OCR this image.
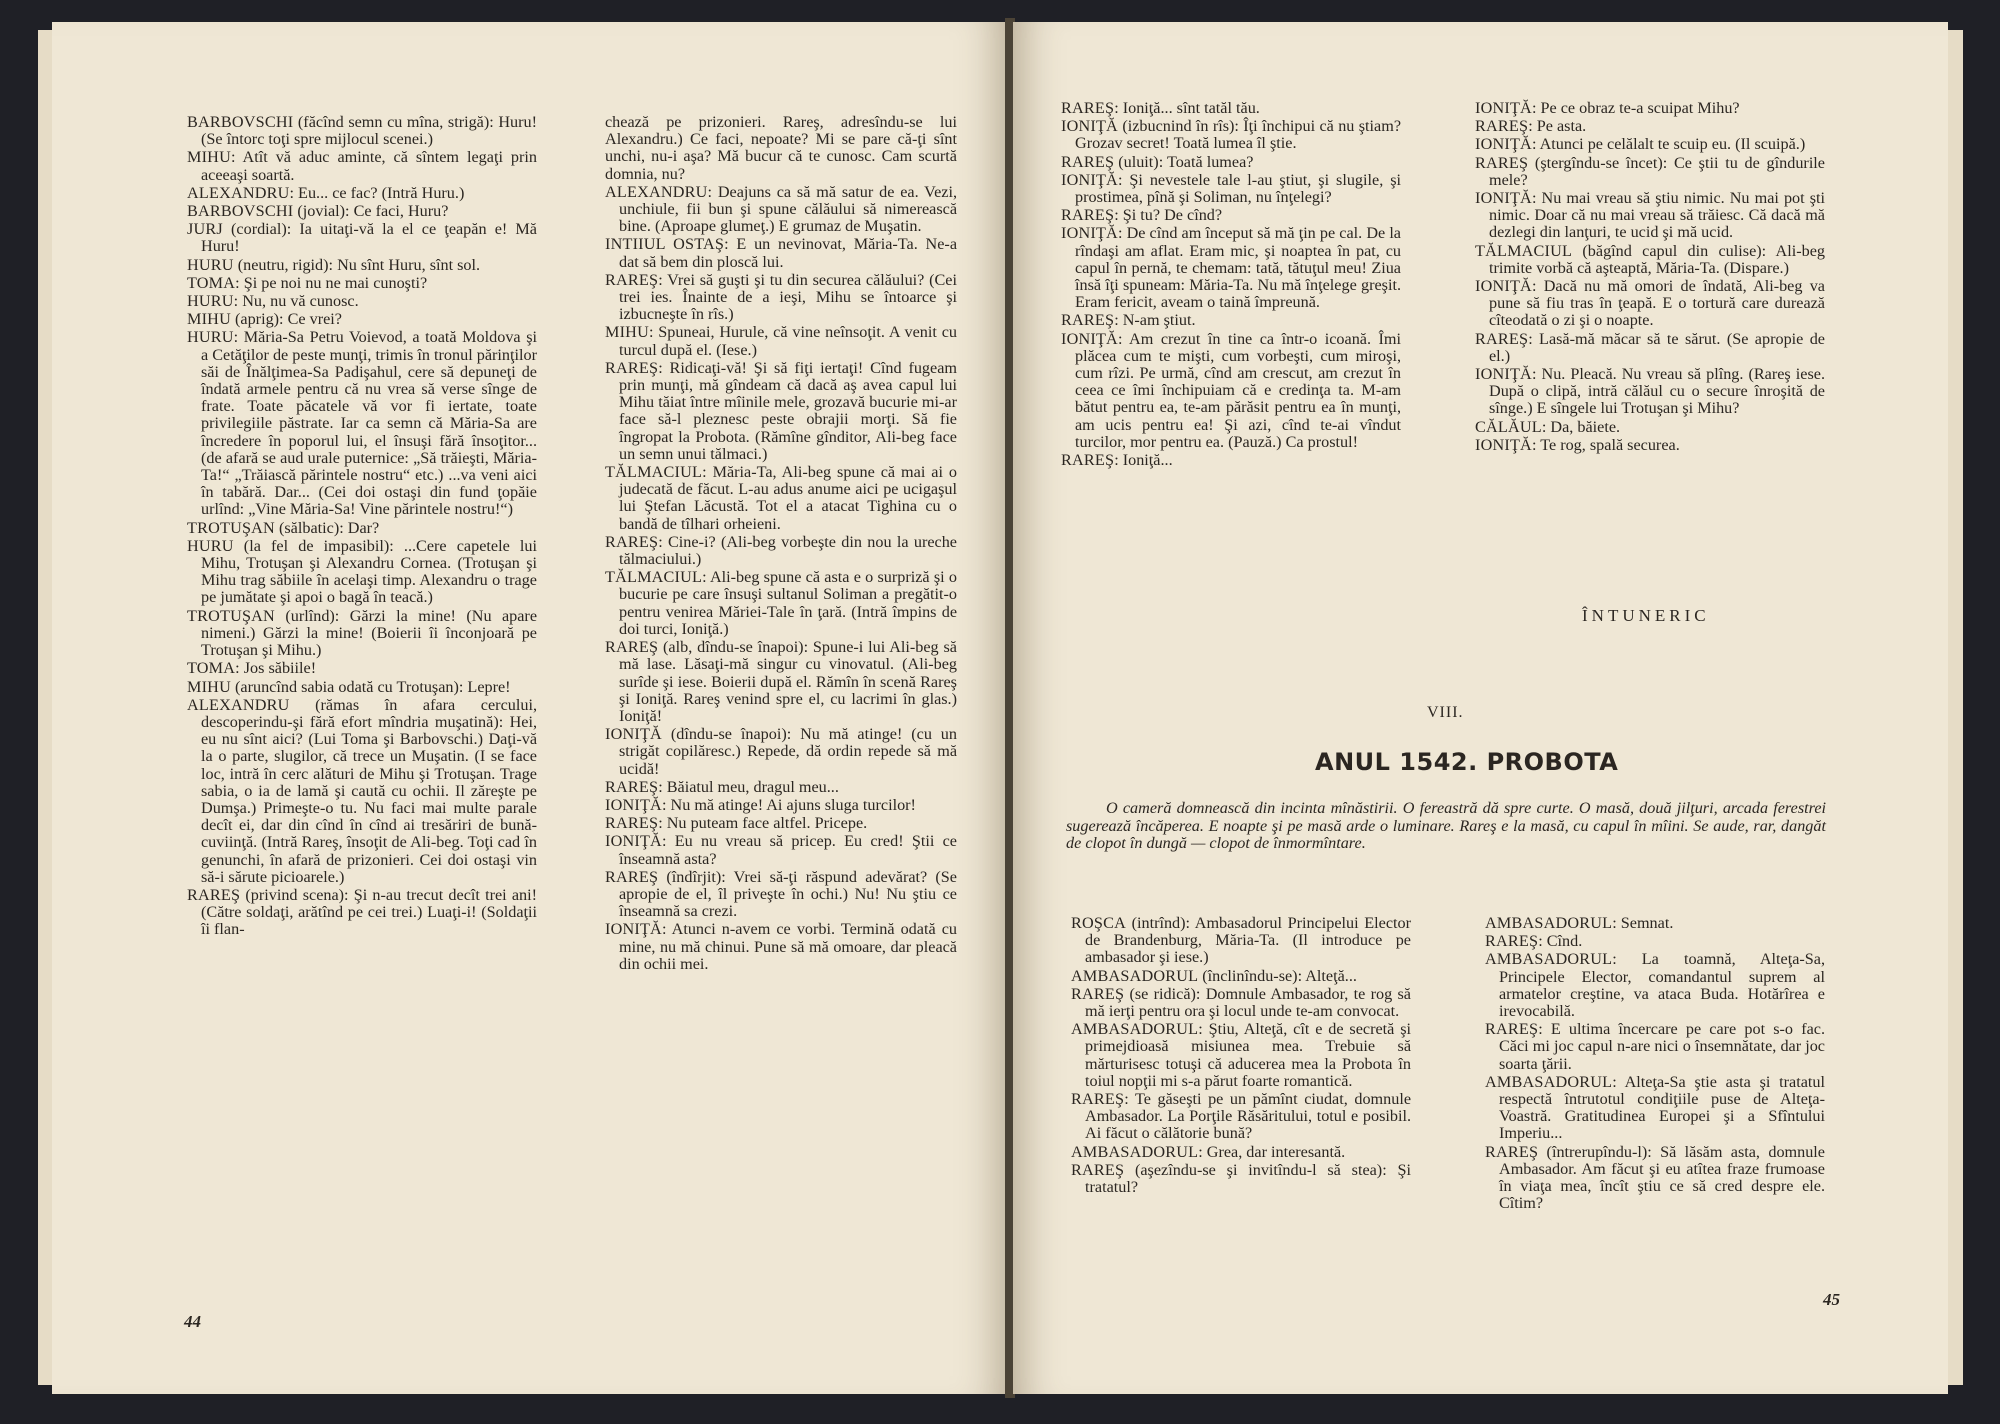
BARBOVSCHI (făcînd semn cu mîna, strigă): Huru! (Se întorc toţi spre mijlocul scenei.)

MIHU: Atît vă aduc aminte, că sîntem legaţi prin aceeaşi soartă.

ALEXANDRU: Eu... ce fac? (Intră Huru.)

BARBOVSCHI (jovial): Ce faci, Huru?

JURJ (cordial): Ia uitaţi-vă la el ce ţeapăn e! Mă Huru!

HURU (neutru, rigid): Nu sînt Huru, sînt sol.

TOMA: Şi pe noi nu ne mai cunoşti?

HURU: Nu, nu vă cunosc.

MIHU (aprig): Ce vrei?

HURU: Măria-Sa Petru Voievod, a toată Moldova şi a Cetăţilor de peste munţi, trimis în tronul părinţilor săi de Înălţimea-Sa Padişahul, cere să depuneţi de îndată armele pentru că nu vrea să verse sînge de frate. Toate păcatele vă vor fi iertate, toate privilegiile păstrate. Iar ca semn că Măria-Sa are încredere în poporul lui, el însuşi fără însoţitor... (de afară se aud urale puternice: „Să trăieşti, Măria-Ta!“ „Trăiască părintele nostru“ etc.) ...va veni aici în tabără. Dar... (Cei doi ostaşi din fund ţopăie urlînd: „Vine Măria-Sa! Vine părintele nostru!“)

TROTUŞAN (sălbatic): Dar?

HURU (la fel de impasibil): ...Cere capetele lui Mihu, Trotuşan şi Alexandru Cornea. (Trotuşan şi Mihu trag săbiile în acelaşi timp. Alexandru o trage pe jumătate şi apoi o bagă în teacă.)

TROTUŞAN (urlînd): Gărzi la mine! (Nu apare nimeni.) Gărzi la mine! (Boierii îi înconjoară pe Trotuşan şi Mihu.)

TOMA: Jos săbiile!

MIHU (aruncînd sabia odată cu Trotuşan): Lepre!

ALEXANDRU (rămas în afara cercului, descoperindu-şi fără efort mîndria muşatină): Hei, eu nu sînt aici? (Lui Toma şi Barbovschi.) Daţi-vă la o parte, slugilor, că trece un Muşatin. (I se face loc, intră în cerc alături de Mihu şi Trotuşan. Trage sabia, o ia de lamă şi caută cu ochii. Il zăreşte pe Dumşa.) Primeşte-o tu. Nu faci mai multe parale decît ei, dar din cînd în cînd ai tresăriri de bună-cuviinţă. (Intră Rareş, însoţit de Ali-beg. Toţi cad în genunchi, în afară de prizonieri. Cei doi ostaşi vin să-i sărute picioarele.)

RAREŞ (privind scena): Şi n-au trecut decît trei ani! (Către soldaţi, arătînd pe cei trei.) Luaţi-i! (Soldaţii îi flan-

chează pe prizonieri. Rareş, adresîndu-se lui Alexandru.) Ce faci, nepoate? Mi se pare că-ţi sînt unchi, nu-i aşa? Mă bucur că te cunosc. Cam scurtă domnia, nu?

ALEXANDRU: Deajuns ca să mă satur de ea. Vezi, unchiule, fii bun şi spune călăului să nimerească bine. (Aproape glumeţ.) E grumaz de Muşatin.

INTIIUL OSTAŞ: E un nevinovat, Măria-Ta. Ne-a dat să bem din ploscă lui.

RAREŞ: Vrei să guşti şi tu din securea călăului? (Cei trei ies. Înainte de a ieşi, Mihu se întoarce şi izbucneşte în rîs.)

MIHU: Spuneai, Hurule, că vine neînsoţit. A venit cu turcul după el. (Iese.)

RAREŞ: Ridicaţi-vă! Şi să fiţi iertaţi! Cînd fugeam prin munţi, mă gîndeam că dacă aş avea capul lui Mihu tăiat între mîinile mele, grozavă bucurie mi-ar face să-l pleznesc peste obrajii morţi. Să fie îngropat la Probota. (Rămîne gînditor, Ali-beg face un semn unui tălmaci.)

TĂLMACIUL: Măria-Ta, Ali-beg spune că mai ai o judecată de făcut. L-au adus anume aici pe ucigaşul lui Ştefan Lăcustă. Tot el a atacat Tighina cu o bandă de tîlhari orheieni.

RAREŞ: Cine-i? (Ali-beg vorbeşte din nou la ureche tălmaciului.)

TĂLMACIUL: Ali-beg spune că asta e o surpriză şi o bucurie pe care însuşi sultanul Soliman a pregătit-o pentru venirea Măriei-Tale în ţară. (Intră împins de doi turci, Ioniţă.)

RAREŞ (alb, dîndu-se înapoi): Spune-i lui Ali-beg să mă lase. Lăsaţi-mă singur cu vinovatul. (Ali-beg surîde şi iese. Boierii după el. Rămîn în scenă Rareş şi Ioniţă. Rareş venind spre el, cu lacrimi în glas.) Ioniţă!

IONIŢĂ (dîndu-se înapoi): Nu mă atinge! (cu un strigăt copilăresc.) Repede, dă ordin repede să mă ucidă!

RAREŞ: Băiatul meu, dragul meu...

IONIŢĂ: Nu mă atinge! Ai ajuns sluga turcilor!

RAREŞ: Nu puteam face altfel. Pricepe.

IONIŢĂ: Eu nu vreau să pricep. Eu cred! Ştii ce înseamnă asta?

RAREŞ (îndîrjit): Vrei să-ţi răspund adevărat? (Se apropie de el, îl priveşte în ochi.) Nu! Nu ştiu ce înseamnă sa crezi.

IONIŢĂ: Atunci n-avem ce vorbi. Termină odată cu mine, nu mă chinui. Pune să mă omoare, dar pleacă din ochii mei.

44

RAREŞ: Ioniţă... sînt tatăl tău.

IONIŢĂ (izbucnind în rîs): Îţi închipui că nu ştiam? Grozav secret! Toată lumea îl ştie.

RAREŞ (uluit): Toată lumea?

IONIŢĂ: Şi nevestele tale l-au ştiut, şi slugile, şi prostimea, pînă şi Soliman, nu înţelegi?

RAREŞ: Şi tu? De cînd?

IONIŢĂ: De cînd am început să mă ţin pe cal. De la rîndaşi am aflat. Eram mic, şi noaptea în pat, cu capul în pernă, te chemam: tată, tătuţul meu! Ziua însă îţi spuneam: Măria-Ta. Nu mă înţelege greşit. Eram fericit, aveam o taină împreună.

RAREŞ: N-am ştiut.

IONIŢĂ: Am crezut în tine ca într-o icoană. Îmi plăcea cum te mişti, cum vorbeşti, cum miroşi, cum rîzi. Pe urmă, cînd am crescut, am crezut în ceea ce îmi închipuiam că e credinţa ta. M-am bătut pentru ea, te-am părăsit pentru ea în munţi, am ucis pentru ea! Şi azi, cînd te-ai vîndut turcilor, mor pentru ea. (Pauză.) Ca prostul!

RAREŞ: Ioniţă...

IONIŢĂ: Pe ce obraz te-a scuipat Mihu?

RAREŞ: Pe asta.

IONIŢĂ: Atunci pe celălalt te scuip eu. (Il scuipă.)

RAREŞ (ştergîndu-se încet): Ce ştii tu de gîndurile mele?

IONIŢĂ: Nu mai vreau să ştiu nimic. Nu mai pot şti nimic. Doar că nu mai vreau să trăiesc. Că dacă mă dezlegi din lanţuri, te ucid şi mă ucid.

TĂLMACIUL (băgînd capul din culise): Ali-beg trimite vorbă că aşteaptă, Măria-Ta. (Dispare.)

IONIŢĂ: Dacă nu mă omori de îndată, Ali-beg va pune să fiu tras în ţeapă. E o tortură care durează cîteodată o zi şi o noapte.

RAREŞ: Lasă-mă măcar să te sărut. (Se apropie de el.)

IONIŢĂ: Nu. Pleacă. Nu vreau să plîng. (Rareş iese. După o clipă, intră călăul cu o secure înroşită de sînge.) E sîngele lui Trotuşan şi Mihu?

CĂLĂUL: Da, băiete.

IONIŢĂ: Te rog, spală securea.

ÎNTUNERIC
VIII.
ANUL 1542. PROBOTA
O cameră domnească din incinta mînăstirii. O fereastră dă spre curte. O masă, două jilţuri, arcada ferestrei sugerează încăperea. E noapte şi pe masă arde o luminare. Rareş e la masă, cu capul în mîini. Se aude, rar, dangăt de clopot în dungă — clopot de înmormîntare.

ROŞCA (intrînd): Ambasadorul Principelui Elector de Brandenburg, Măria-Ta. (Il introduce pe ambasador şi iese.)

AMBASADORUL (înclinîndu-se): Alteţă...

RAREŞ (se ridică): Domnule Ambasador, te rog să mă ierţi pentru ora şi locul unde te-am convocat.

AMBASADORUL: Ştiu, Alteţă, cît e de secretă şi primejdioasă misiunea mea. Trebuie să mărturisesc totuşi că aducerea mea la Probota în toiul nopţii mi s-a părut foarte romantică.

RAREŞ: Te găseşti pe un pămînt ciudat, domnule Ambasador. La Porţile Răsăritului, totul e posibil. Ai făcut o călătorie bună?

AMBASADORUL: Grea, dar interesantă.

RAREŞ (aşezîndu-se şi invitîndu-l să stea): Şi tratatul?

AMBASADORUL: Semnat.

RAREŞ: Cînd.

AMBASADORUL: La toamnă, Alteţa-Sa, Principele Elector, comandantul suprem al armatelor creştine, va ataca Buda. Hotărîrea e irevocabilă.

RAREŞ: E ultima încercare pe care pot s-o fac. Căci mi joc capul n-are nici o însemnătate, dar joc soarta ţării.

AMBASADORUL: Alteţa-Sa ştie asta şi tratatul respectă întrutotul condiţiile puse de Alteţa-Voastră. Gratitudinea Europei şi a Sfîntului Imperiu...

RAREŞ (întrerupîndu-l): Să lăsăm asta, domnule Ambasador. Am făcut şi eu atîtea fraze frumoase în viaţa mea, încît ştiu ce să cred despre ele. Cîtim?

45
